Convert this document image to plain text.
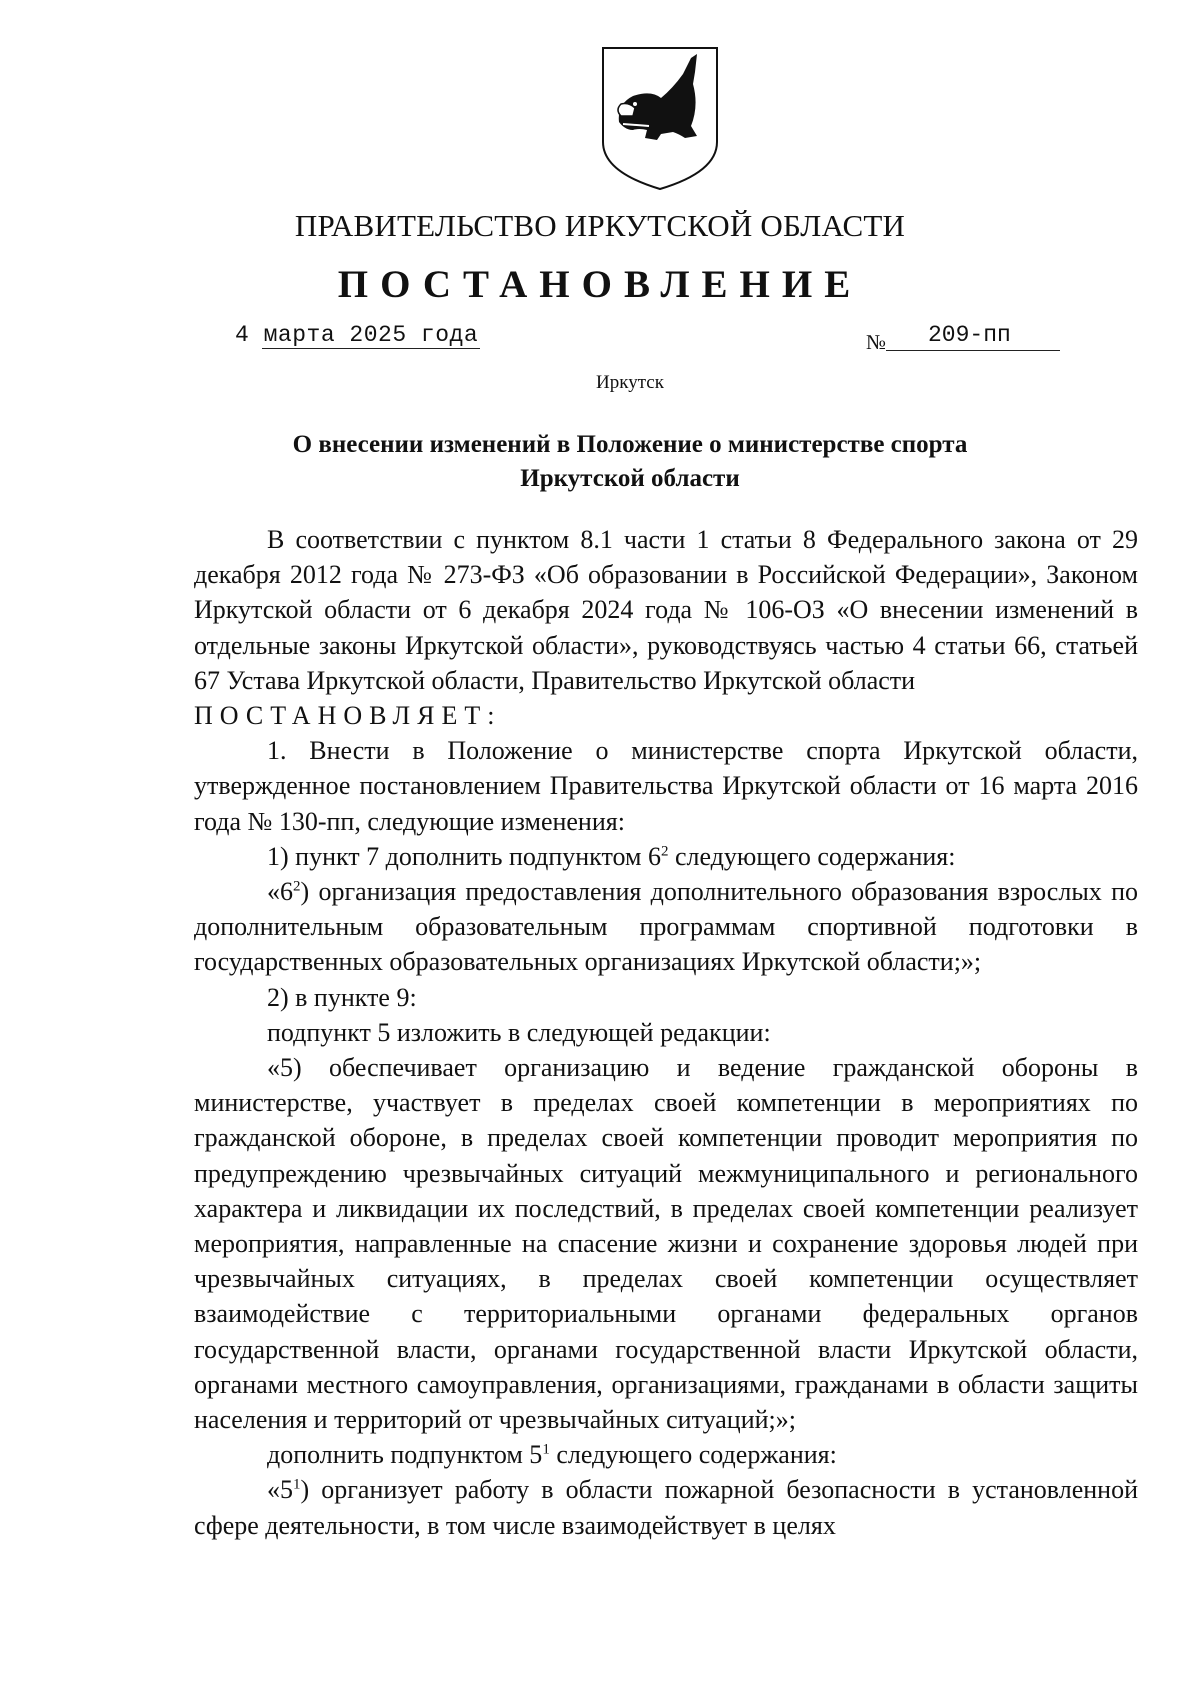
ПРАВИТЕЛЬСТВО ИРКУТСКОЙ ОБЛАСТИ
ПОСТАНОВЛЕНИЕ
4 марта 2025 года	№ 209-пп
Иркутск
О внесении изменений в Положение о министерстве спорта
Иркутской области

В соответствии с пунктом 8.1 части 1 статьи 8 Федерального закона от 29 декабря 2012 года № 273-ФЗ «Об образовании в Российской Федерации», Законом Иркутской области от 6 декабря 2024 года № 106-ОЗ «О внесении изменений в отдельные законы Иркутской области», руководствуясь частью 4 статьи 66, статьей 67 Устава Иркутской области, Правительство Иркутской области

ПОСТАНОВЛЯЕТ:

1. Внести в Положение о министерстве спорта Иркутской области, утвержденное постановлением Правительства Иркутской области от 16 марта 2016 года № 130-пп, следующие изменения:

1) пункт 7 дополнить подпунктом $6^2$ следующего содержания:

«$6^2$) организация предоставления дополнительного образования взрослых по дополнительным образовательным программам спортивной подготовки в государственных образовательных организациях Иркутской области;»;

2) в пункте 9:

подпункт 5 изложить в следующей редакции:

«5) обеспечивает организацию и ведение гражданской обороны в министерстве, участвует в пределах своей компетенции в мероприятиях по гражданской обороне, в пределах своей компетенции проводит мероприятия по предупреждению чрезвычайных ситуаций межмуниципального и регионального характера и ликвидации их последствий, в пределах своей компетенции реализует мероприятия, направленные на спасение жизни и сохранение здоровья людей при чрезвычайных ситуациях, в пределах своей компетенции осуществляет взаимодействие с территориальными органами федеральных органов государственной власти, органами государственной власти Иркутской области, органами местного самоуправления, организациями, гражданами в области защиты населения и территорий от чрезвычайных ситуаций;»;

дополнить подпунктом $5^1$ следующего содержания:

«$5^1$) организует работу в области пожарной безопасности в установленной сфере деятельности, в том числе взаимодействует в целях
